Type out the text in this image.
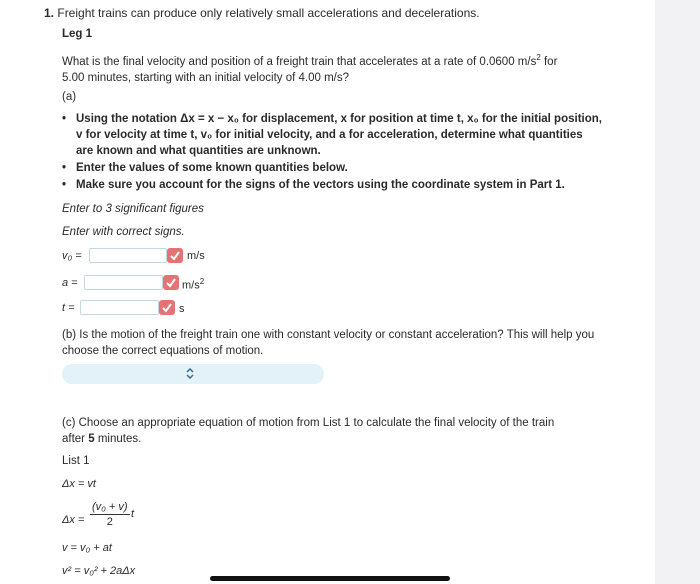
1. Freight trains can produce only relatively small accelerations and decelerations.
Leg 1
What is the final velocity and position of a freight train that accelerates at a rate of 0.0600 $m/s^2$ for
5.00 minutes, starting with an initial velocity of 4.00 m/s?
(a)
• Using the notation Δx = x − x₀ for displacement, x for position at time t, x₀ for the initial position, v for velocity at time t, v₀ for initial velocity, and a for acceleration, determine what quantities are known and what quantities are unknown.
• Enter the values of some known quantities below.
• Make sure you account for the signs of the vectors using the coordinate system in Part 1.
Enter to 3 significant figures
Enter with correct signs.
v₀ =	m/s
a =	$m/s^2$
t =	s
(b) Is the motion of the freight train one with constant velocity or constant acceleration? This will help you choose the correct equations of motion.
(c) Choose an appropriate equation of motion from List 1 to calculate the final velocity of the train
after 5 minutes.
List 1
Δx = vt
$\Delta x = \frac{\text{(v₀ + v)}}{2}$ t
v = v₀ + at
v² = v₀² + 2aΔx
